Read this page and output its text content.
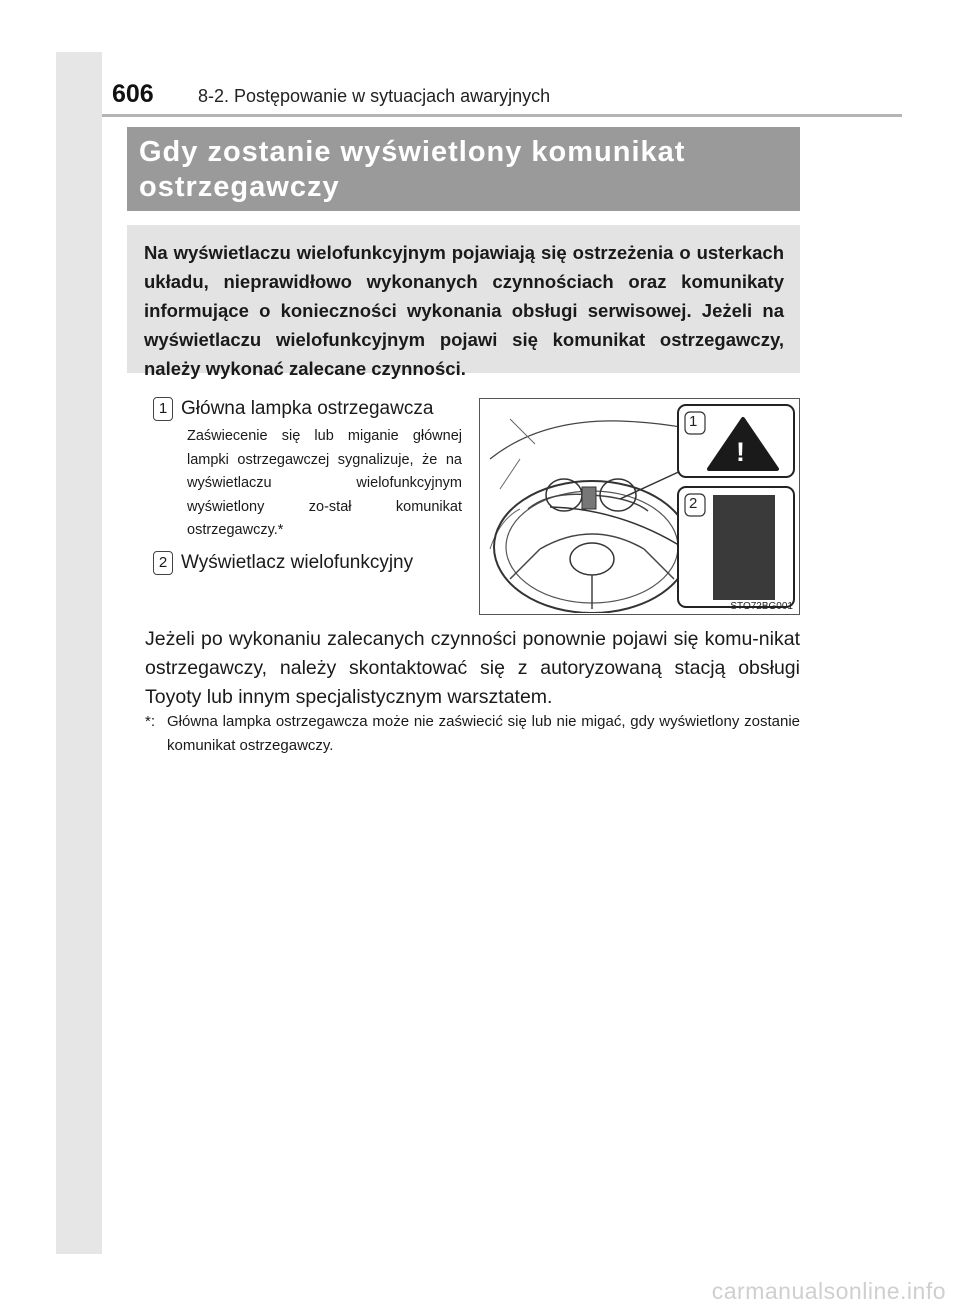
606 8-2. Postępowanie w sytuacjach awaryjnych
Gdy zostanie wyświetlony komunikat
ostrzegawczy

Na wyświetlaczu wielofunkcyjnym pojawiają się ostrzeżenia o usterkach układu, nieprawidłowo wykonanych czynnościach oraz komunikaty informujące o konieczności wykonania obsługi serwisowej. Jeżeli na wyświetlaczu wielofunkcyjnym pojawi się komunikat ostrzegawczy, należy wykonać zalecane czynności.

1 Główna lampka ostrzegawcza
Zaświecenie się lub miganie głównej lampki ostrzegawczej sygnalizuje, że na wyświetlaczu wielofunkcyjnym wyświetlony zo-stał komunikat ostrzegawczy.*
2 Wyświetlacz wielofunkcyjny
1
2
!
STO72BG001
Jeżeli po wykonaniu zalecanych czynności ponownie pojawi się komu-nikat ostrzegawczy, należy skontaktować się z autoryzowaną stacją obsługi Toyoty lub innym specjalistycznym warsztatem.
*: Główna lampka ostrzegawcza może nie zaświecić się lub nie migać, gdy wyświetlony zostanie komunikat ostrzegawczy.
carmanualsonline.info
